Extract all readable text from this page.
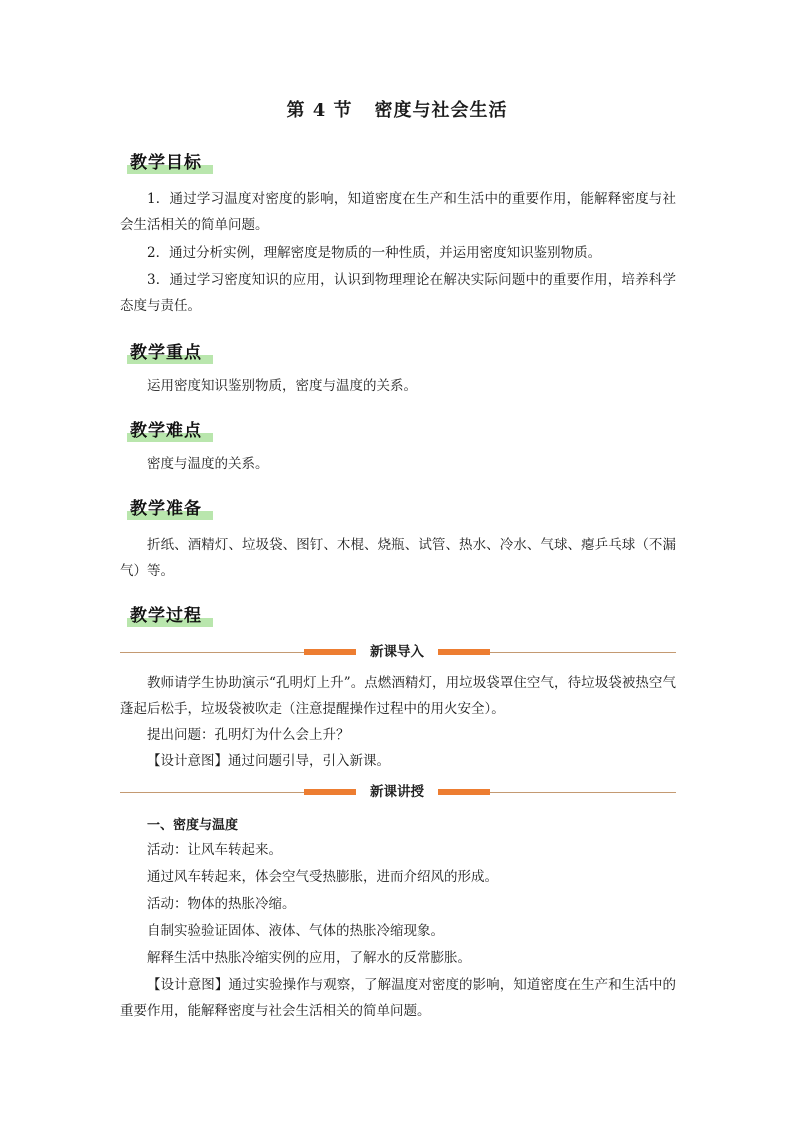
第 4 节 密度与社会生活
教学目标

1．通过学习温度对密度的影响，知道密度在生产和生活中的重要作用，能解释密度与社会生活相关的简单问题。

2．通过分析实例，理解密度是物质的一种性质，并运用密度知识鉴别物质。

3．通过学习密度知识的应用，认识到物理理论在解决实际问题中的重要作用，培养科学态度与责任。

教学重点

运用密度知识鉴别物质，密度与温度的关系。

教学难点

密度与温度的关系。

教学准备

折纸、酒精灯、垃圾袋、图钉、木棍、烧瓶、试管、热水、冷水、气球、瘪乒乓球（不漏气）等。

教学过程
新课导入

教师请学生协助演示“孔明灯上升”。点燃酒精灯，用垃圾袋罩住空气，待垃圾袋被热空气蓬起后松手，垃圾袋被吹走（注意提醒操作过程中的用火安全）。

提出问题：孔明灯为什么会上升？

【设计意图】通过问题引导，引入新课。

新课讲授
一、密度与温度

活动：让风车转起来。

通过风车转起来，体会空气受热膨胀，进而介绍风的形成。

活动：物体的热胀冷缩。

自制实验验证固体、液体、气体的热胀冷缩现象。

解释生活中热胀冷缩实例的应用，了解水的反常膨胀。

【设计意图】通过实验操作与观察，了解温度对密度的影响，知道密度在生产和生活中的重要作用，能解释密度与社会生活相关的简单问题。
